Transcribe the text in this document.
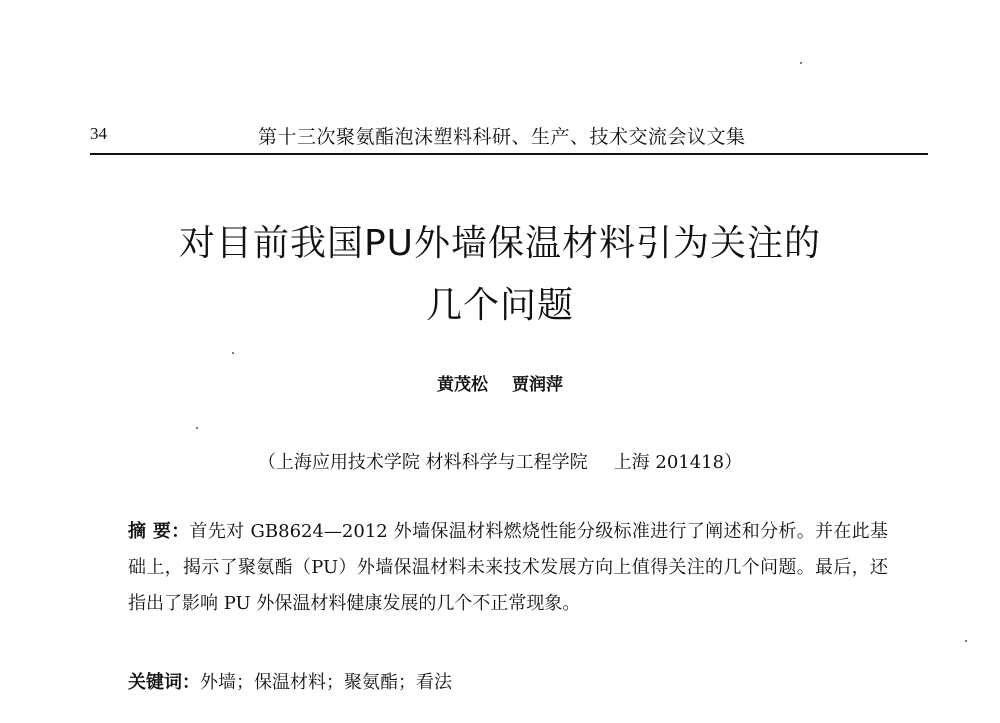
34	第十三次聚氨酯泡沫塑料科研、生产、技术交流会议文集
对目前我国PU外墙保温材料引为关注的
几个问题
黄茂松 贾润萍
（上海应用技术学院 材料科学与工程学院 上海 201418）
摘 要：首先对 GB8624—2012 外墙保温材料燃烧性能分级标准进行了阐述和分析。并在此基础上，揭示了聚氨酯（PU）外墙保温材料未来技术发展方向上值得关注的几个问题。最后，还指出了影响 PU 外保温材料健康发展的几个不正常现象。
关键词：外墙；保温材料；聚氨酯；看法
